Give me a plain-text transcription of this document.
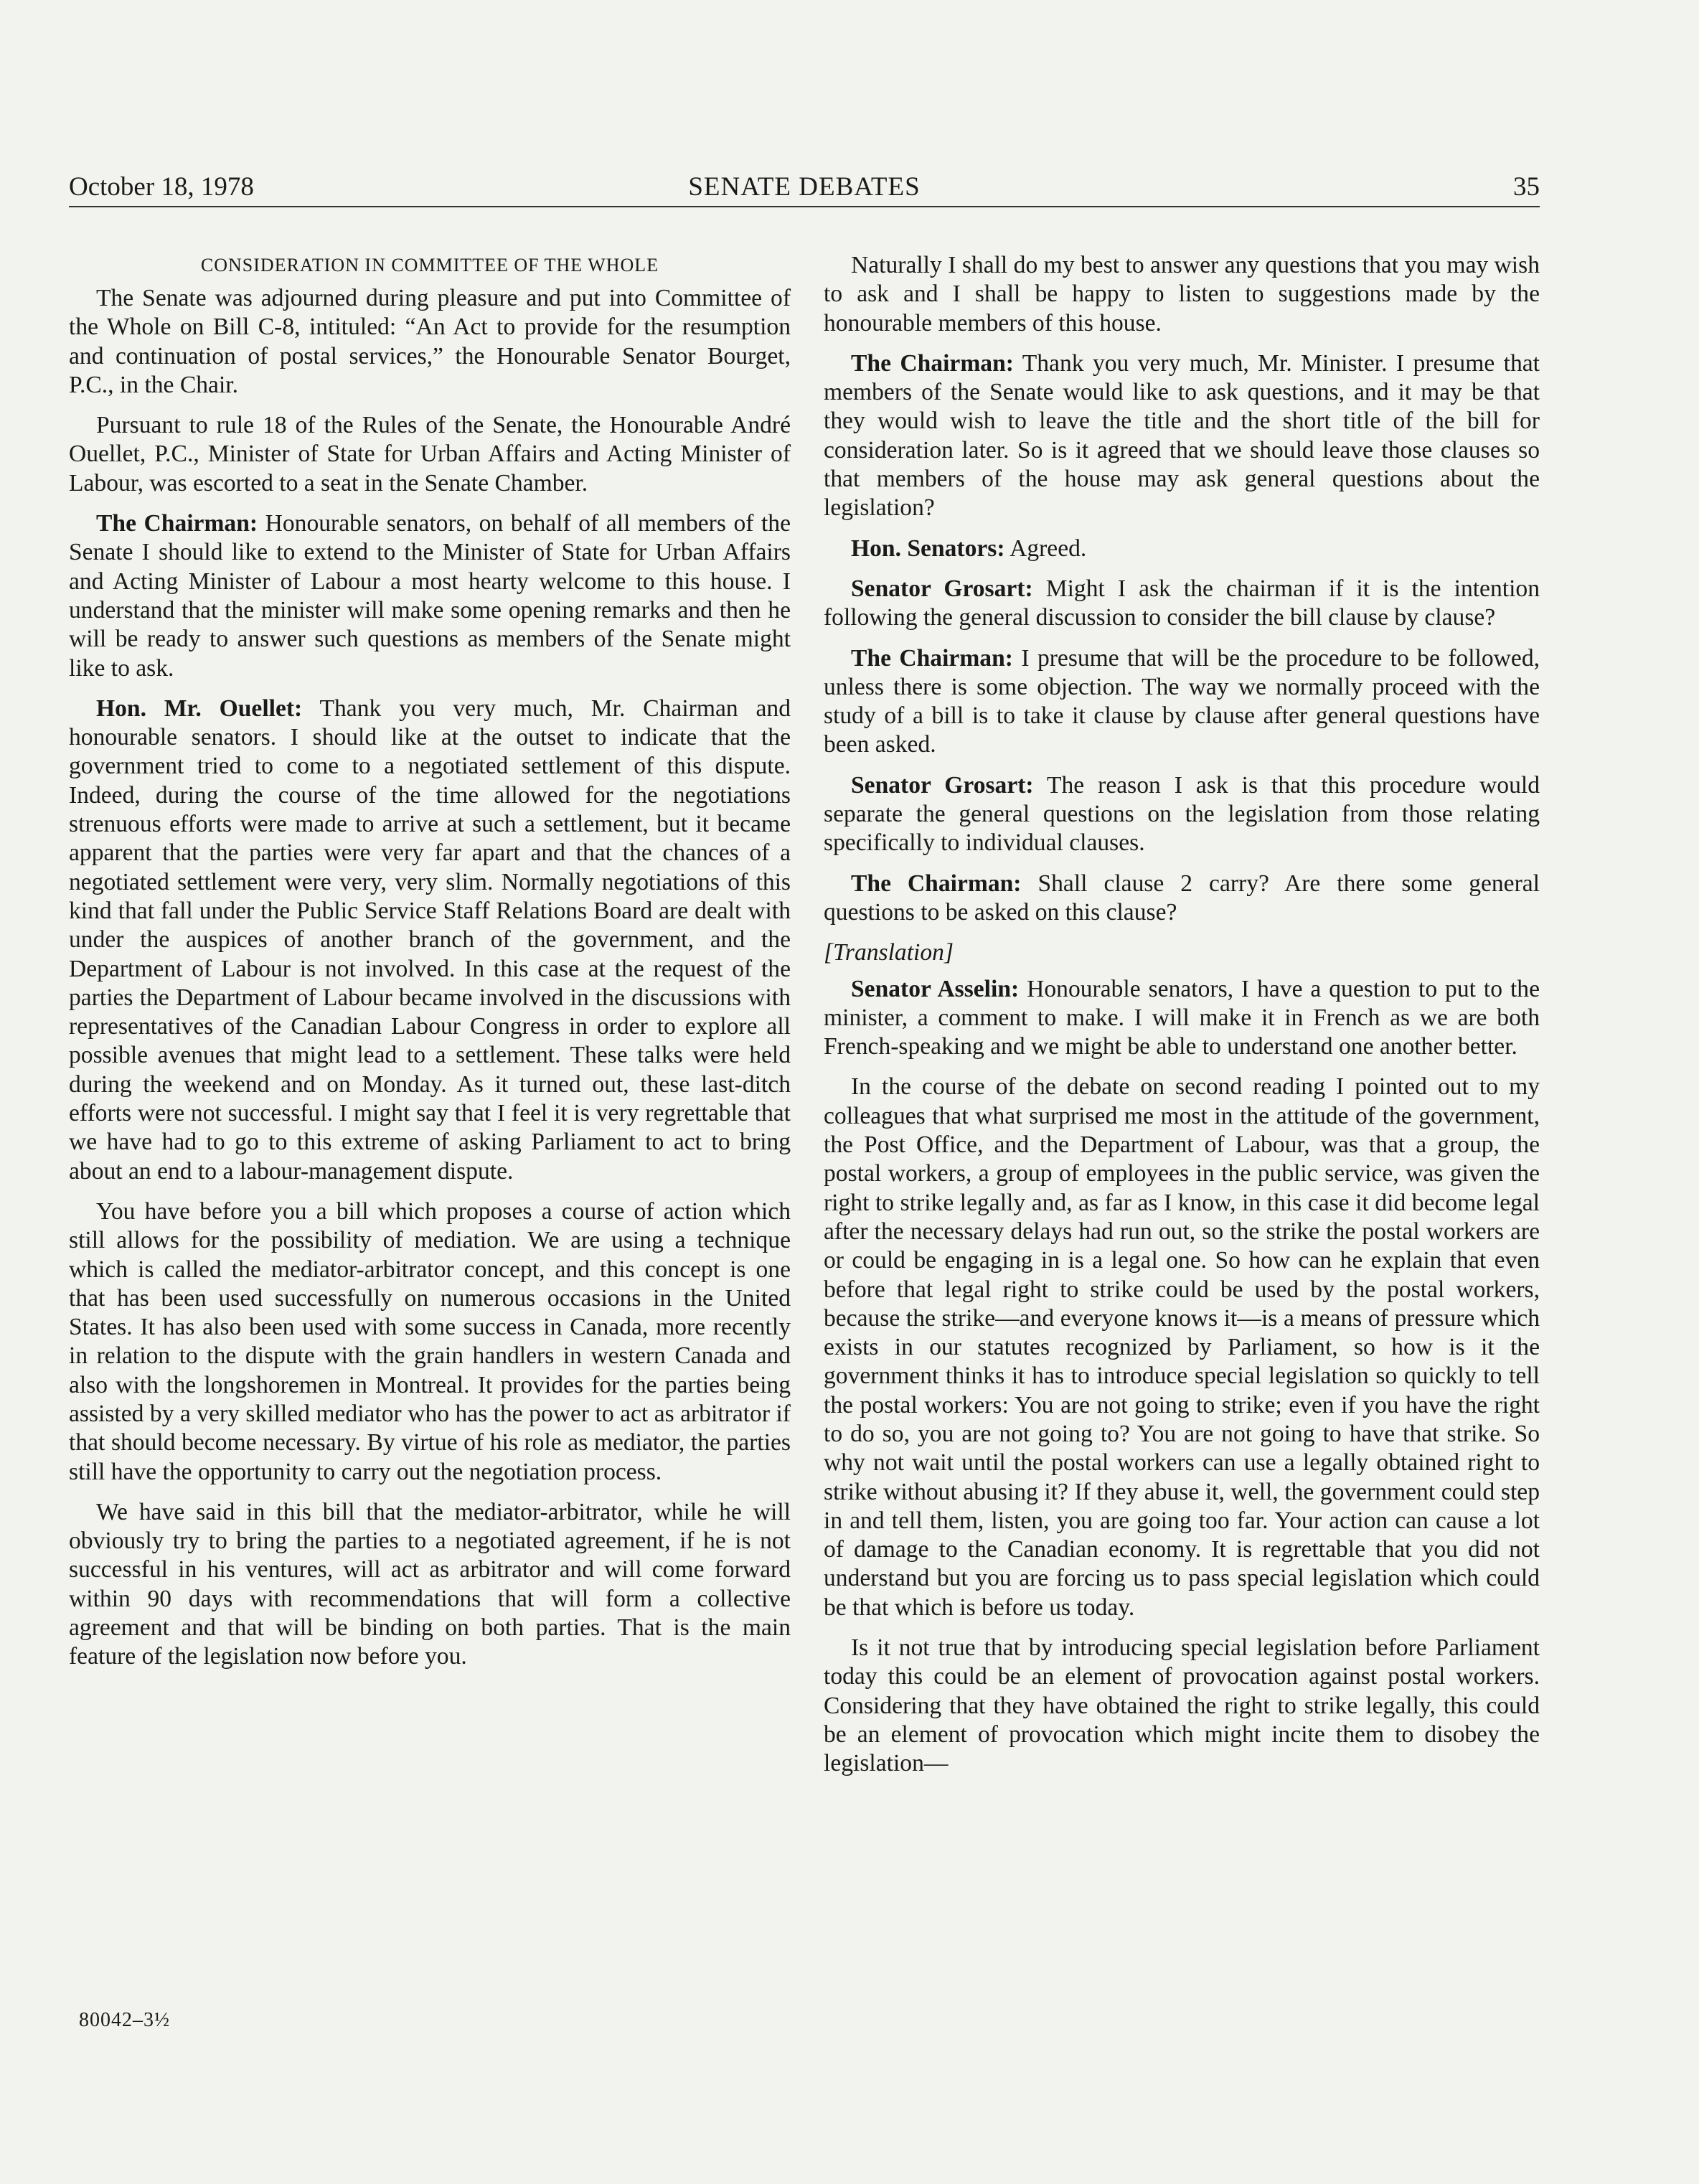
October 18, 1978	SENATE DEBATES	35
CONSIDERATION IN COMMITTEE OF THE WHOLE

The Senate was adjourned during pleasure and put into Committee of the Whole on Bill C-8, intituled: “An Act to provide for the resumption and continuation of postal services,” the Honourable Senator Bourget, P.C., in the Chair.

Pursuant to rule 18 of the Rules of the Senate, the Honourable André Ouellet, P.C., Minister of State for Urban Affairs and Acting Minister of Labour, was escorted to a seat in the Senate Chamber.

The Chairman: Honourable senators, on behalf of all members of the Senate I should like to extend to the Minister of State for Urban Affairs and Acting Minister of Labour a most hearty welcome to this house. I understand that the minister will make some opening remarks and then he will be ready to answer such questions as members of the Senate might like to ask.

Hon. Mr. Ouellet: Thank you very much, Mr. Chairman and honourable senators. I should like at the outset to indicate that the government tried to come to a negotiated settlement of this dispute. Indeed, during the course of the time allowed for the negotiations strenuous efforts were made to arrive at such a settlement, but it became apparent that the parties were very far apart and that the chances of a negotiated settlement were very, very slim. Normally negotiations of this kind that fall under the Public Service Staff Relations Board are dealt with under the auspices of another branch of the government, and the Department of Labour is not involved. In this case at the request of the parties the Department of Labour became involved in the discussions with representatives of the Canadian Labour Congress in order to explore all possible avenues that might lead to a settlement. These talks were held during the weekend and on Monday. As it turned out, these last-ditch efforts were not successful. I might say that I feel it is very regrettable that we have had to go to this extreme of asking Parliament to act to bring about an end to a labour-management dispute.

You have before you a bill which proposes a course of action which still allows for the possibility of mediation. We are using a technique which is called the mediator-arbitrator concept, and this concept is one that has been used successfully on numerous occasions in the United States. It has also been used with some success in Canada, more recently in relation to the dispute with the grain handlers in western Canada and also with the longshoremen in Montreal. It provides for the parties being assisted by a very skilled mediator who has the power to act as arbitrator if that should become necessary. By virtue of his role as mediator, the parties still have the opportunity to carry out the negotiation process.

We have said in this bill that the mediator-arbitrator, while he will obviously try to bring the parties to a negotiated agreement, if he is not successful in his ventures, will act as arbitrator and will come forward within 90 days with recommendations that will form a collective agreement and that will be binding on both parties. That is the main feature of the legislation now before you.

Naturally I shall do my best to answer any questions that you may wish to ask and I shall be happy to listen to suggestions made by the honourable members of this house.

The Chairman: Thank you very much, Mr. Minister. I presume that members of the Senate would like to ask questions, and it may be that they would wish to leave the title and the short title of the bill for consideration later. So is it agreed that we should leave those clauses so that members of the house may ask general questions about the legislation?

Hon. Senators: Agreed.

Senator Grosart: Might I ask the chairman if it is the intention following the general discussion to consider the bill clause by clause?

The Chairman: I presume that will be the procedure to be followed, unless there is some objection. The way we normally proceed with the study of a bill is to take it clause by clause after general questions have been asked.

Senator Grosart: The reason I ask is that this procedure would separate the general questions on the legislation from those relating specifically to individual clauses.

The Chairman: Shall clause 2 carry? Are there some general questions to be asked on this clause?

[Translation]

Senator Asselin: Honourable senators, I have a question to put to the minister, a comment to make. I will make it in French as we are both French-speaking and we might be able to understand one another better.

In the course of the debate on second reading I pointed out to my colleagues that what surprised me most in the attitude of the government, the Post Office, and the Department of Labour, was that a group, the postal workers, a group of employees in the public service, was given the right to strike legally and, as far as I know, in this case it did become legal after the necessary delays had run out, so the strike the postal workers are or could be engaging in is a legal one. So how can he explain that even before that legal right to strike could be used by the postal workers, because the strike—and everyone knows it—is a means of pressure which exists in our statutes recognized by Parliament, so how is it the government thinks it has to introduce special legislation so quickly to tell the postal workers: You are not going to strike; even if you have the right to do so, you are not going to? You are not going to have that strike. So why not wait until the postal workers can use a legally obtained right to strike without abusing it? If they abuse it, well, the government could step in and tell them, listen, you are going too far. Your action can cause a lot of damage to the Canadian economy. It is regrettable that you did not understand but you are forcing us to pass special legislation which could be that which is before us today.

Is it not true that by introducing special legislation before Parliament today this could be an element of provocation against postal workers. Considering that they have obtained the right to strike legally, this could be an element of provocation which might incite them to disobey the legislation—

80042–3½
